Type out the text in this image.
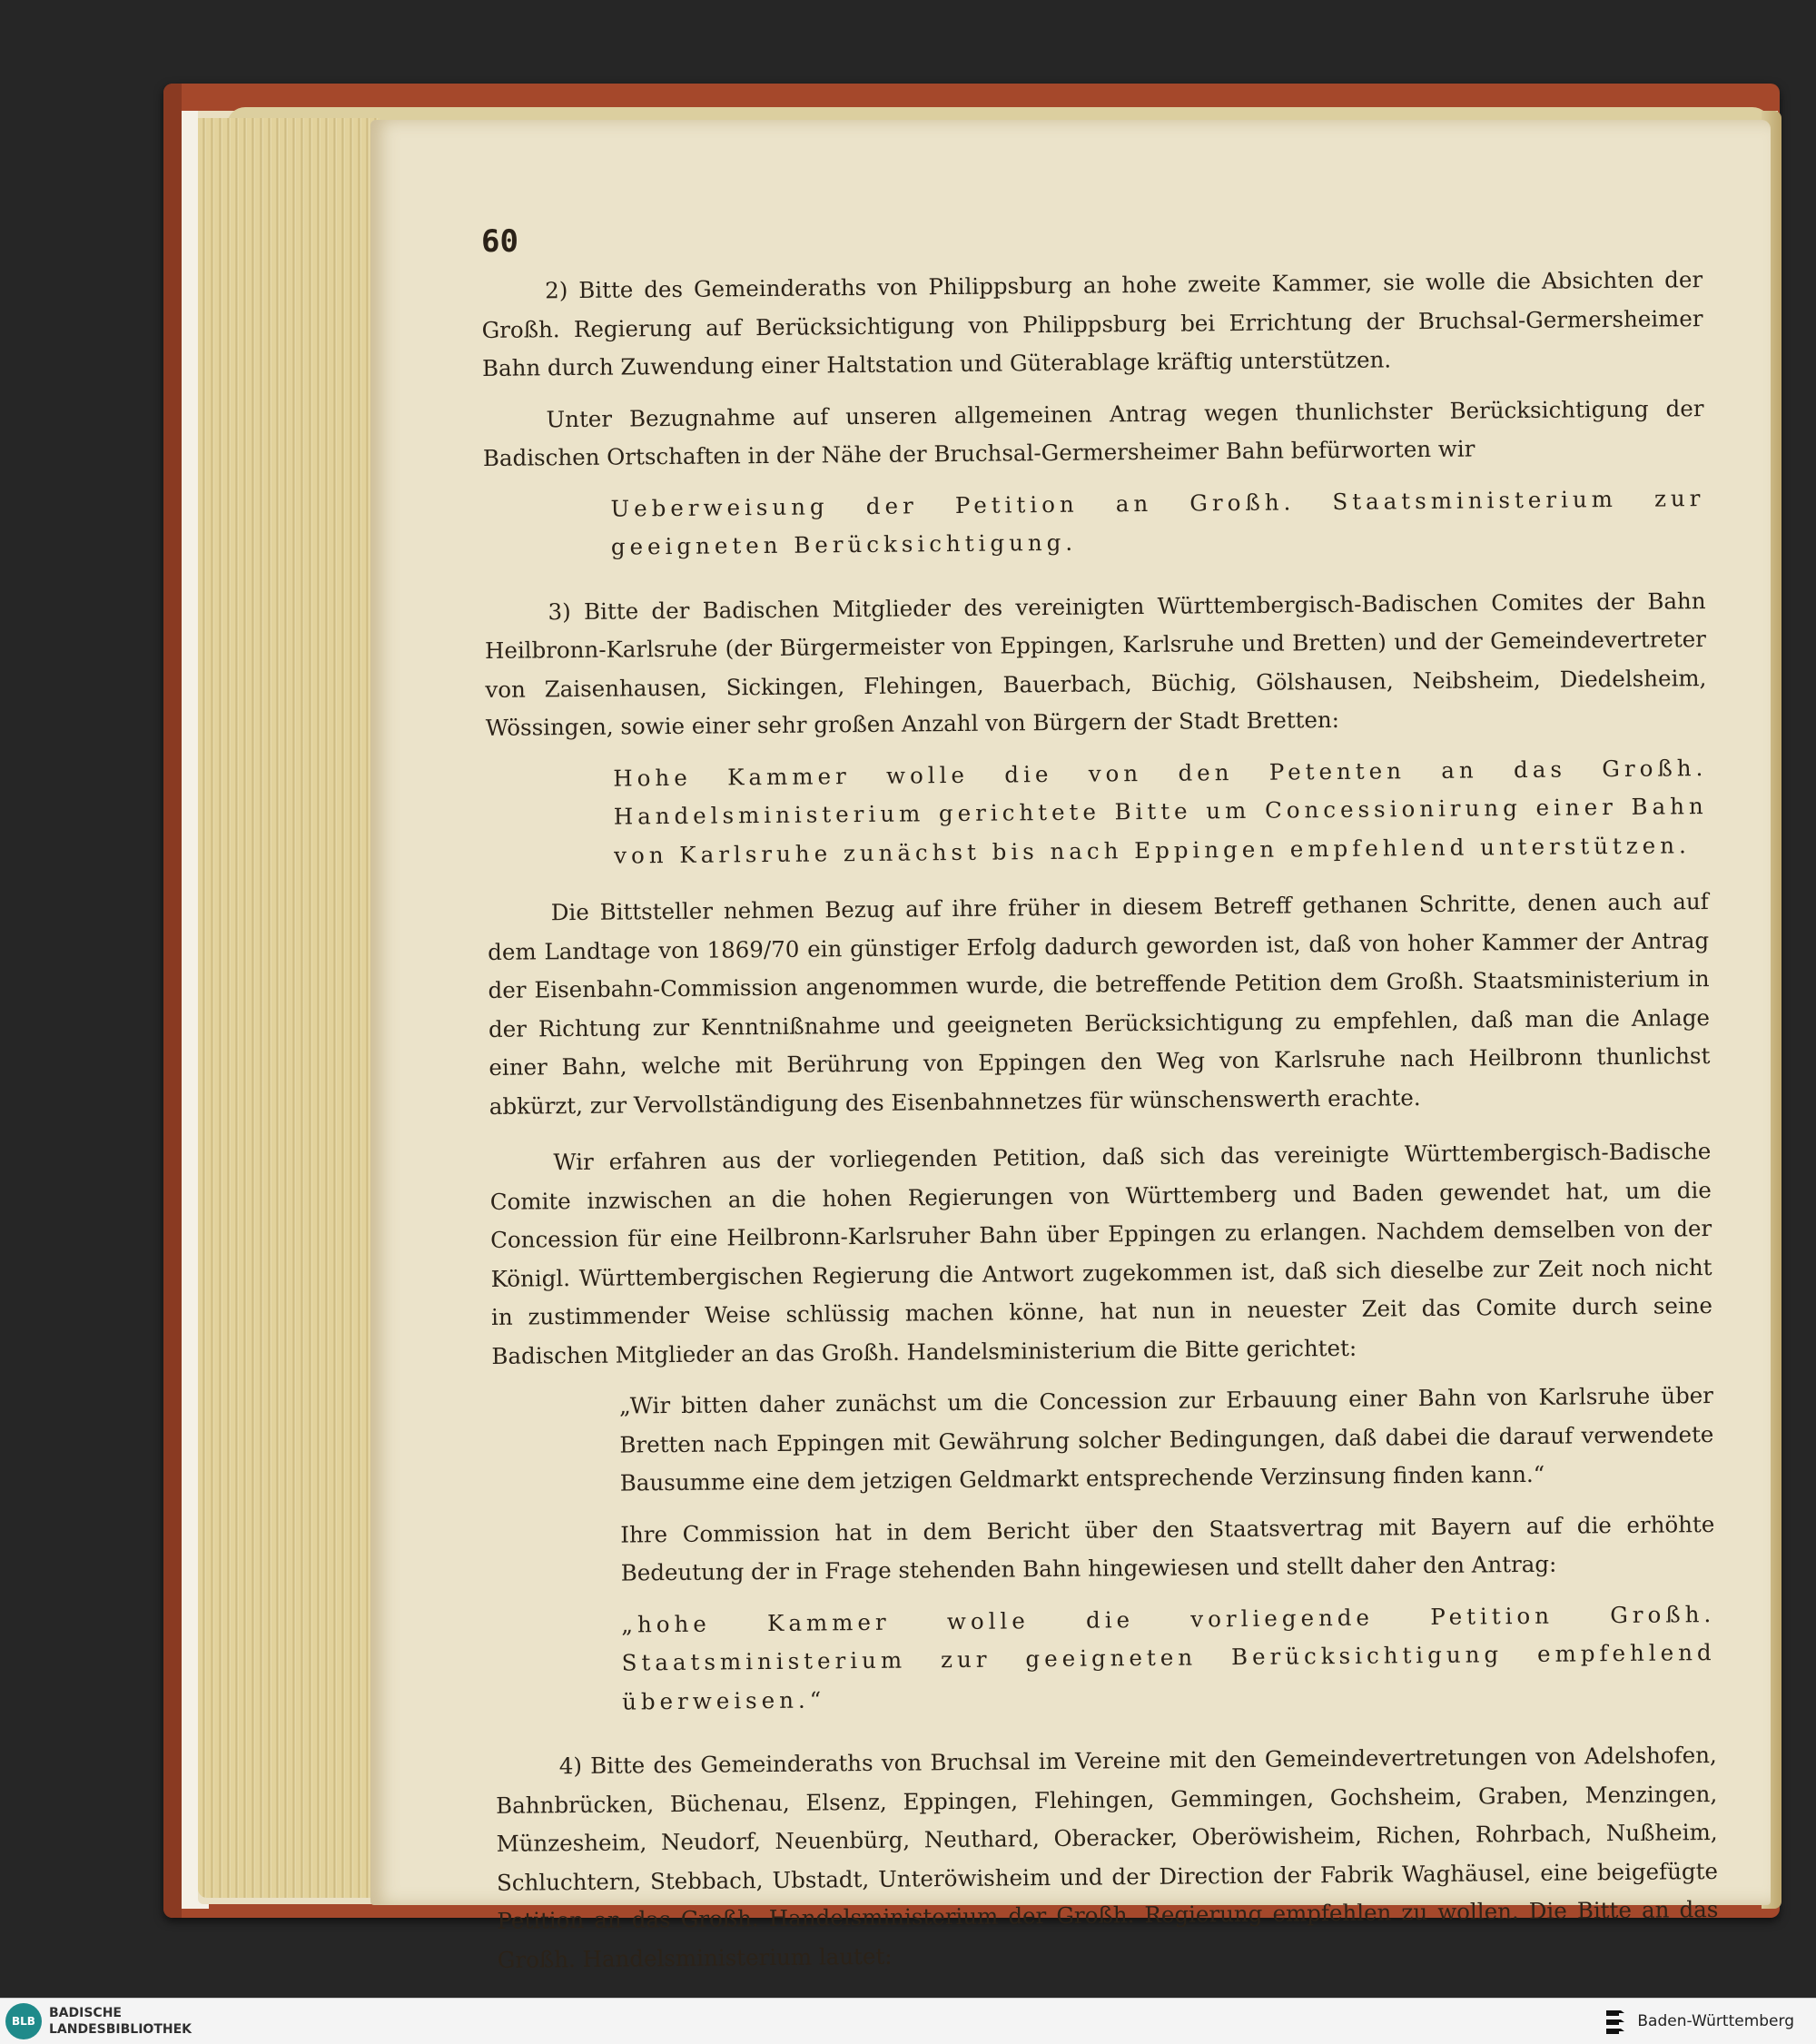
60

2) Bitte des Gemeinderaths von Philippsburg an hohe zweite Kammer, sie wolle die Absichten der Großh. Regierung auf Berücksichtigung von Philippsburg bei Errichtung der Bruchsal-Germersheimer Bahn durch Zuwendung einer Haltstation und Güterablage kräftig unterstützen.

Unter Bezugnahme auf unseren allgemeinen Antrag wegen thunlichster Berücksichtigung der Badischen Ortschaften in der Nähe der Bruchsal-Germersheimer Bahn befürworten wir

Ueberweisung der Petition an Großh. Staatsministerium zur geeigneten Berücksichtigung.

3) Bitte der Badischen Mitglieder des vereinigten Württembergisch-Badischen Comites der Bahn Heilbronn-Karlsruhe (der Bürgermeister von Eppingen, Karlsruhe und Bretten) und der Gemeindevertreter von Zaisenhausen, Sickingen, Flehingen, Bauerbach, Büchig, Gölshausen, Neibsheim, Diedelsheim, Wössingen, sowie einer sehr großen Anzahl von Bürgern der Stadt Bretten:

Hohe Kammer wolle die von den Petenten an das Großh. Handelsministerium gerichtete Bitte um Concessionirung einer Bahn von Karlsruhe zunächst bis nach Eppingen empfehlend unterstützen.

Die Bittsteller nehmen Bezug auf ihre früher in diesem Betreff gethanen Schritte, denen auch auf dem Landtage von 1869/70 ein günstiger Erfolg dadurch geworden ist, daß von hoher Kammer der Antrag der Eisenbahn-Commission angenommen wurde, die betreffende Petition dem Großh. Staatsministerium in der Richtung zur Kenntnißnahme und geeigneten Berücksichtigung zu empfehlen, daß man die Anlage einer Bahn, welche mit Berührung von Eppingen den Weg von Karlsruhe nach Heilbronn thunlichst abkürzt, zur Vervollständigung des Eisenbahnnetzes für wünschenswerth erachte.

Wir erfahren aus der vorliegenden Petition, daß sich das vereinigte Württembergisch-Badische Comite inzwischen an die hohen Regierungen von Württemberg und Baden gewendet hat, um die Concession für eine Heilbronn-Karlsruher Bahn über Eppingen zu erlangen. Nachdem demselben von der Königl. Württembergischen Regierung die Antwort zugekommen ist, daß sich dieselbe zur Zeit noch nicht in zustimmender Weise schlüssig machen könne, hat nun in neuester Zeit das Comite durch seine Badischen Mitglieder an das Großh. Handelsministerium die Bitte gerichtet:

„Wir bitten daher zunächst um die Concession zur Erbauung einer Bahn von Karlsruhe über Bretten nach Eppingen mit Gewährung solcher Bedingungen, daß dabei die darauf verwendete Bausumme eine dem jetzigen Geldmarkt entsprechende Verzinsung finden kann.“

Ihre Commission hat in dem Bericht über den Staatsvertrag mit Bayern auf die erhöhte Bedeutung der in Frage stehenden Bahn hingewiesen und stellt daher den Antrag:

„hohe Kammer wolle die vorliegende Petition Großh. Staatsministerium zur geeigneten Berücksichtigung empfehlend überweisen.“

4) Bitte des Gemeinderaths von Bruchsal im Vereine mit den Gemeindevertretungen von Adelshofen, Bahnbrücken, Büchenau, Elsenz, Eppingen, Flehingen, Gemmingen, Gochsheim, Graben, Menzingen, Münzesheim, Neudorf, Neuenbürg, Neuthard, Oberacker, Oberöwisheim, Richen, Rohrbach, Nußheim, Schluchtern, Stebbach, Ubstadt, Unteröwisheim und der Direction der Fabrik Waghäusel, eine beigefügte Petition an das Großh. Handelsministerium der Großh. Regierung empfehlen zu wollen. Die Bitte an das Großh. Handelsministerium lautet:

BLB
BADISCHE
LANDESBIBLIOTHEK	Baden-Württemberg
